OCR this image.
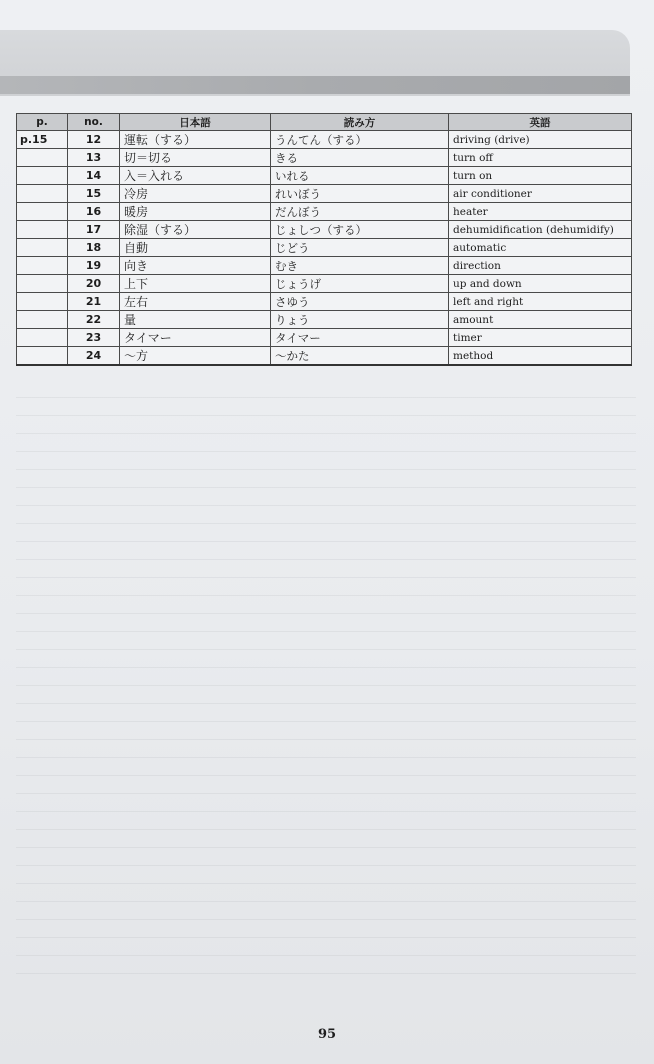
p.	no.	日本語	読み方	英語
p.15	12	運転（する）	うんてん（する）	driving (drive)
	13	切＝切る	きる	turn off
	14	入＝入れる	いれる	turn on
	15	冷房	れいぼう	air conditioner
	16	暖房	だんぼう	heater
	17	除湿（する）	じょしつ（する）	dehumidification (dehumidify)
	18	自動	じどう	automatic
	19	向き	むき	direction
	20	上下	じょうげ	up and down
	21	左右	さゆう	left and right
	22	量	りょう	amount
	23	タイマー	タイマー	timer
	24	～方	～かた	method
95
